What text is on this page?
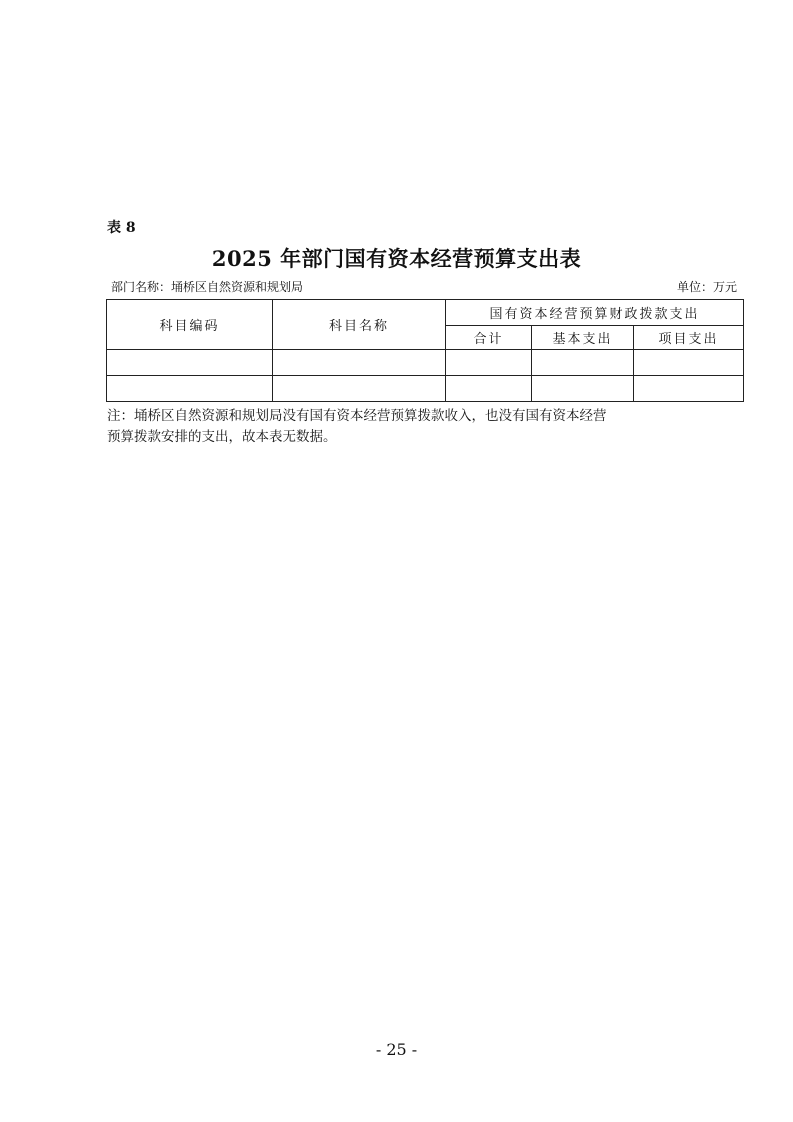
表 8
2025 年部门国有资本经营预算支出表
部门名称：埇桥区自然资源和规划局	单位：万元
科目编码	科目名称	国有资本经营预算财政拨款支出		
		合计	基本支出	项目支出

注：埇桥区自然资源和规划局没有国有资本经营预算拨款收入，也没有国有资本经营
预算拨款安排的支出，故本表无数据。
- 25 -
